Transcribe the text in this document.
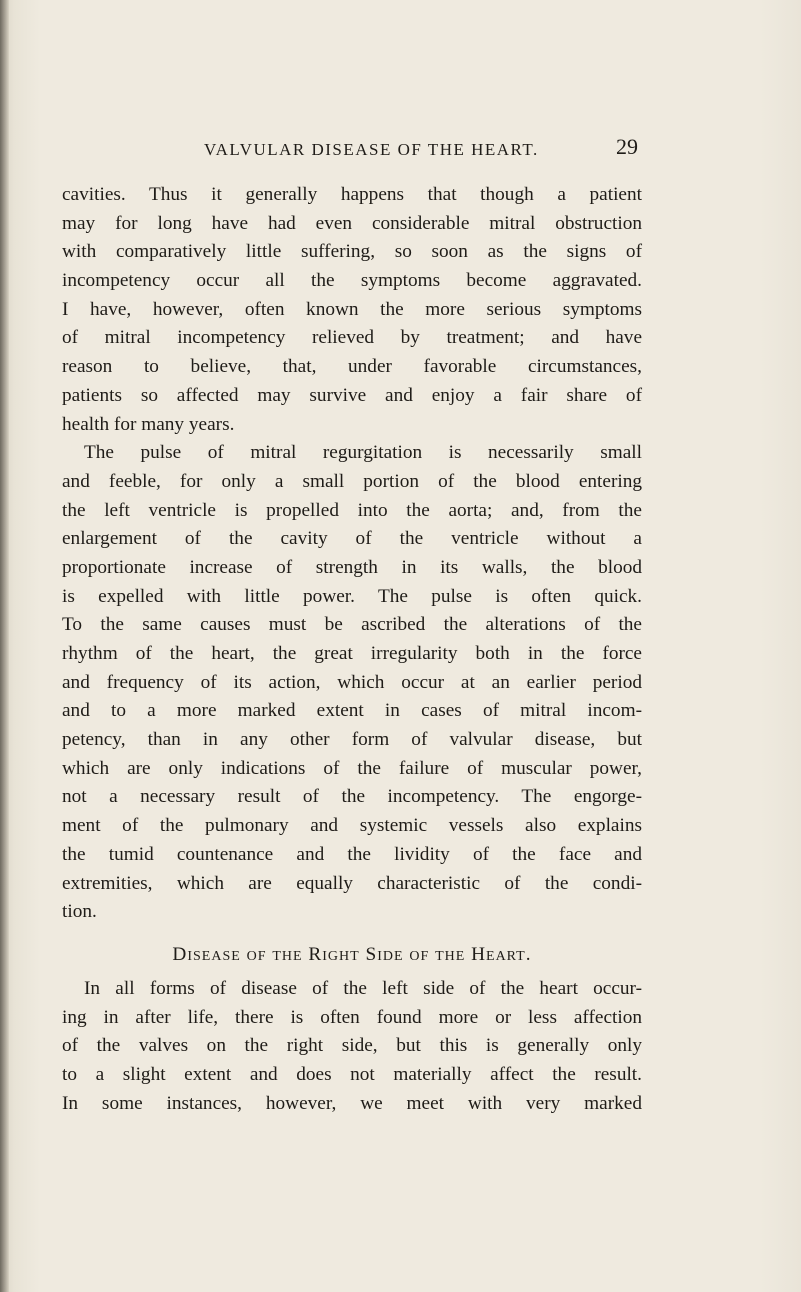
VALVULAR DISEASE OF THE HEART.	29
cavities. Thus it generally happens that though a patient
may for long have had even considerable mitral obstruction
with comparatively little suffering, so soon as the signs of
incompetency occur all the symptoms become aggravated.
I have, however, often known the more serious symptoms
of mitral incompetency relieved by treatment; and have
reason to believe, that, under favorable circumstances,
patients so affected may survive and enjoy a fair share of
health for many years.
The pulse of mitral regurgitation is necessarily small
and feeble, for only a small portion of the blood entering
the left ventricle is propelled into the aorta; and, from the
enlargement of the cavity of the ventricle without a
proportionate increase of strength in its walls, the blood
is expelled with little power. The pulse is often quick.
To the same causes must be ascribed the alterations of the
rhythm of the heart, the great irregularity both in the force
and frequency of its action, which occur at an earlier period
and to a more marked extent in cases of mitral incom-
petency, than in any other form of valvular disease, but
which are only indications of the failure of muscular power,
not a necessary result of the incompetency. The engorge-
ment of the pulmonary and systemic vessels also explains
the tumid countenance and the lividity of the face and
extremities, which are equally characteristic of the condi-
tion.
Disease of the Right Side of the Heart.
In all forms of disease of the left side of the heart occur-
ing in after life, there is often found more or less affection
of the valves on the right side, but this is generally only
to a slight extent and does not materially affect the result.
In some instances, however, we meet with very marked
